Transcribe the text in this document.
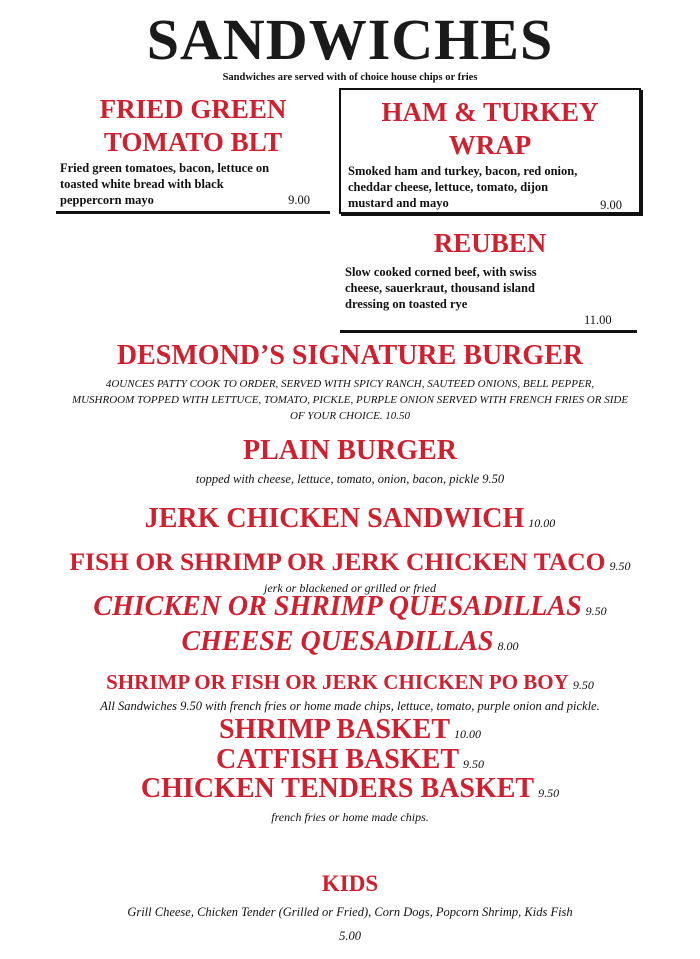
SANDWICHES
Sandwiches are served with of choice house chips or fries
FRIED GREEN
TOMATO BLT
Fried green tomatoes, bacon, lettuce on
toasted white bread with black
peppercorn mayo	9.00
HAM & TURKEY
WRAP
Smoked ham and turkey, bacon, red onion,
cheddar cheese, lettuce, tomato, dijon
mustard and mayo	9.00
REUBEN
Slow cooked corned beef, with swiss
cheese, sauerkraut, thousand island
dressing on toasted rye
11.00
DESMOND’S SIGNATURE BURGER
4OUNCES PATTY COOK TO ORDER, SERVED WITH SPICY RANCH, SAUTEED ONIONS, BELL PEPPER,
MUSHROOM TOPPED WITH LETTUCE, TOMATO, PICKLE, PURPLE ONION SERVED WITH FRENCH FRIES OR SIDE
OF YOUR CHOICE. 10.50
PLAIN BURGER
topped with cheese, lettuce, tomato, onion, bacon, pickle 9.50
JERK CHICKEN SANDWICH 10.00
FISH OR SHRIMP OR JERK CHICKEN TACO 9.50
jerk or blackened or grilled or fried
CHICKEN OR SHRIMP QUESADILLAS 9.50
CHEESE QUESADILLAS 8.00
SHRIMP OR FISH OR JERK CHICKEN PO BOY 9.50
All Sandwiches 9.50 with french fries or home made chips, lettuce, tomato, purple onion and pickle.
SHRIMP BASKET 10.00
CATFISH BASKET 9.50
CHICKEN TENDERS BASKET 9.50
french fries or home made chips.
KIDS
Grill Cheese, Chicken Tender (Grilled or Fried), Corn Dogs, Popcorn Shrimp, Kids Fish
5.00
